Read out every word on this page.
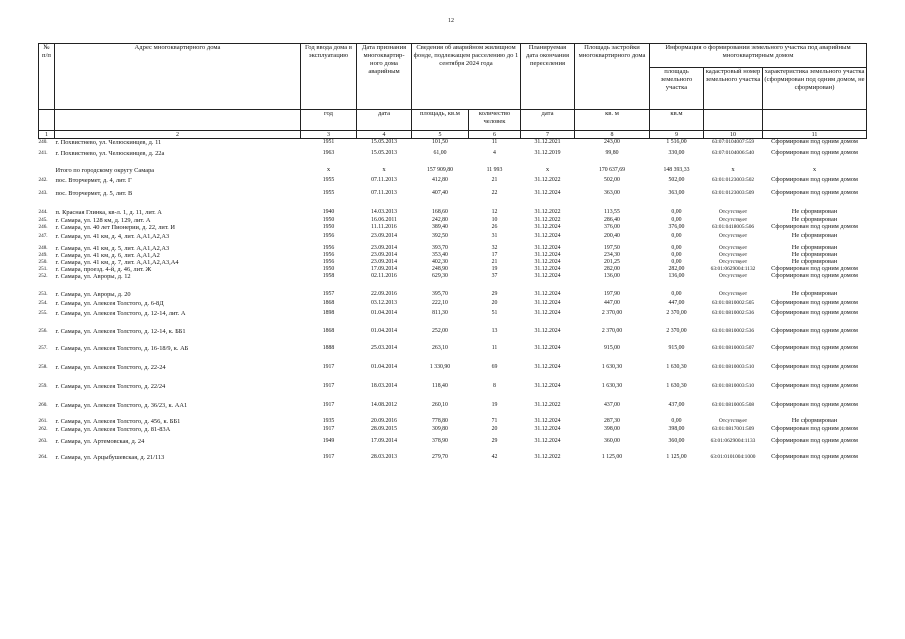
12
№ п/п	Адрес многоквартирного дома	Год ввода дома в эксплуатацию	Дата признания многоквартир-ного дома аварийным	Сведения об аварийном жилищном фонде, подлежащем расселению до 1 сентября 2024 года		Планируемая дата окончания переселения	Площадь застройки многоквартирного дома	Информация о формировании земельного участка под аварийным многоквартирным домом		
								площадь земельного участка	кадастровый номер земельного участка	характеристика земельного участка (сформирован под одним домом, не сформирован)
		год	дата	площадь, кв.м	количество человек	дата	кв. м	кв.м		
1	2	3	4	5	6	7	8	9	10	11
240.	г. Похвистнево, ул. Челюскинцев, д. 11	1951	15.05.2013	101,50	11	31.12.2021	243,00	1 516,00	63:07:0104007:559	Сформирован под одним домом
241.	г. Похвистнево, ул. Челюскинцев, д. 22а	1963	15.05.2013	61,00	4	31.12.2019	99,80	330,00	63:07:0104006:540	Сформирован под одним домом
	Итого по городскому округу Самара	x	x	157 909,80	11 993	x	170 637,69	148 393,33	x	x
242.	пос. Вторчермет, д. 4, лит. Г	1955	07.11.2013	412,80	21	31.12.2022	502,00	502,00	63:01:0123003:502	Сформирован под одним домом
243.	пос. Вторчермет, д. 5, лит. В	1955	07.11.2013	407,40	22	31.12.2024	363,00	363,00	63:01:0123003:509	Сформирован под одним домом
244.	п. Красная Глинка, кв-л. 1, д. 11, лит. А	1940	14.03.2013	168,60	12	31.12.2022	113,55	0,00	Отсутствует	Не сформирован
245.	г. Самара, ул. 128 км, д. 129, лит. А	1950	16.06.2011	242,80	10	31.12.2022	286,40	0,00	Отсутствует	Не сформирован
246.	г. Самара, ул. 40 лет Пионерии, д. 22, лит. И	1950	11.11.2016	389,40	26	31.12.2024	376,00	376,00	63:01:0418005:506	Сформирован под одним домом
247.	г. Самара, ул. 41 км, д. 4, лит. А,А1,А2,А3	1956	23.09.2014	392,50	31	31.12.2024	200,40	0,00	Отсутствует	Не сформирован
248.	г. Самара, ул. 41 км, д. 5, лит. А,А1,А2,А3	1956	23.09.2014	393,70	32	31.12.2024	197,50	0,00	Отсутствует	Не сформирован
249.	г. Самара, ул. 41 км, д. 6, лит. А,А1,А2	1956	23.09.2014	353,40	17	31.12.2024	234,30	0,00	Отсутствует	Не сформирован
250.	г. Самара, ул. 41 км, д. 7, лит. А,А1,А2,А3,А4	1956	23.09.2014	402,30	21	31.12.2024	201,25	0,00	Отсутствует	Не сформирован
251.	г. Самара, проезд. 4-й, д. 46, лит. Ж	1950	17.09.2014	248,90	19	31.12.2024	282,00	282,00	63:01:0629004:1132	Сформирован под одним домом
252.	г. Самара, ул. Авроры, д. 12	1958	02.11.2016	629,30	37	31.12.2024	136,00	136,00	Отсутствует	Сформирован под одним домом
253.	г. Самара, ул. Авроры, д. 20	1957	22.09.2016	395,70	29	31.12.2024	197,90	0,00	Отсутствует	Не сформирован
254.	г. Самара, ул. Алексея Толстого, д. 6-8Д	1868	03.12.2013	222,10	20	31.12.2024	447,00	447,00	63:01:0810002:505	Сформирован под одним домом
255.	г. Самара, ул. Алексея Толстого, д. 12-14, лит. А	1898	01.04.2014	811,30	51	31.12.2024	2 370,00	2 370,00	63:01:0810002:536	Сформирован под одним домом
256.	г. Самара, ул. Алексея Толстого, д. 12-14, к. ББ1	1868	01.04.2014	252,00	13	31.12.2024	2 370,00	2 370,00	63:01:0810002:536	Сформирован под одним домом
257.	г. Самара, ул. Алексея Толстого, д. 16-18/9, к. АБ	1888	25.03.2014	263,10	11	31.12.2024	915,00	915,00	63:01:0810003:507	Сформирован под одним домом
258.	г. Самара, ул. Алексея Толстого, д. 22-24	1917	01.04.2014	1 330,90	69	31.12.2024	1 630,30	1 630,30	63:01:0810003:510	Сформирован под одним домом
259.	г. Самара, ул. Алексея Толстого, д. 22/24	1917	18.03.2014	118,40	8	31.12.2024	1 630,30	1 630,30	63:01:0810003:510	Сформирован под одним домом
260.	г. Самара, ул. Алексея Толстого, д. 36/23, к. АА1	1917	14.08.2012	260,10	19	31.12.2022	437,00	437,00	63:01:0810005:508	Сформирован под одним домом
261.	г. Самара, ул. Алексея Толстого, д. 456, к. ББ1	1935	20.09.2016	778,80	71	31.12.2024	287,30	0,00	Отсутствует	Не сформирован
262.	г. Самара, ул. Алексея Толстого, д. 81-83А	1917	28.09.2015	309,80	20	31.12.2024	398,00	398,00	63:01:0817001:509	Сформирован под одним домом
263.	г. Самара, ул. Артемовская, д. 24	1949	17.09.2014	378,90	29	31.12.2024	360,00	360,00	63:01:0629004:1133	Сформирован под одним домом
264.	г. Самара, ул. Арцыбушевская, д. 21/113	1917	28.03.2013	279,70	42	31.12.2022	1 125,00	1 125,00	63:01:0101004:1000	Сформирован под одним домом
